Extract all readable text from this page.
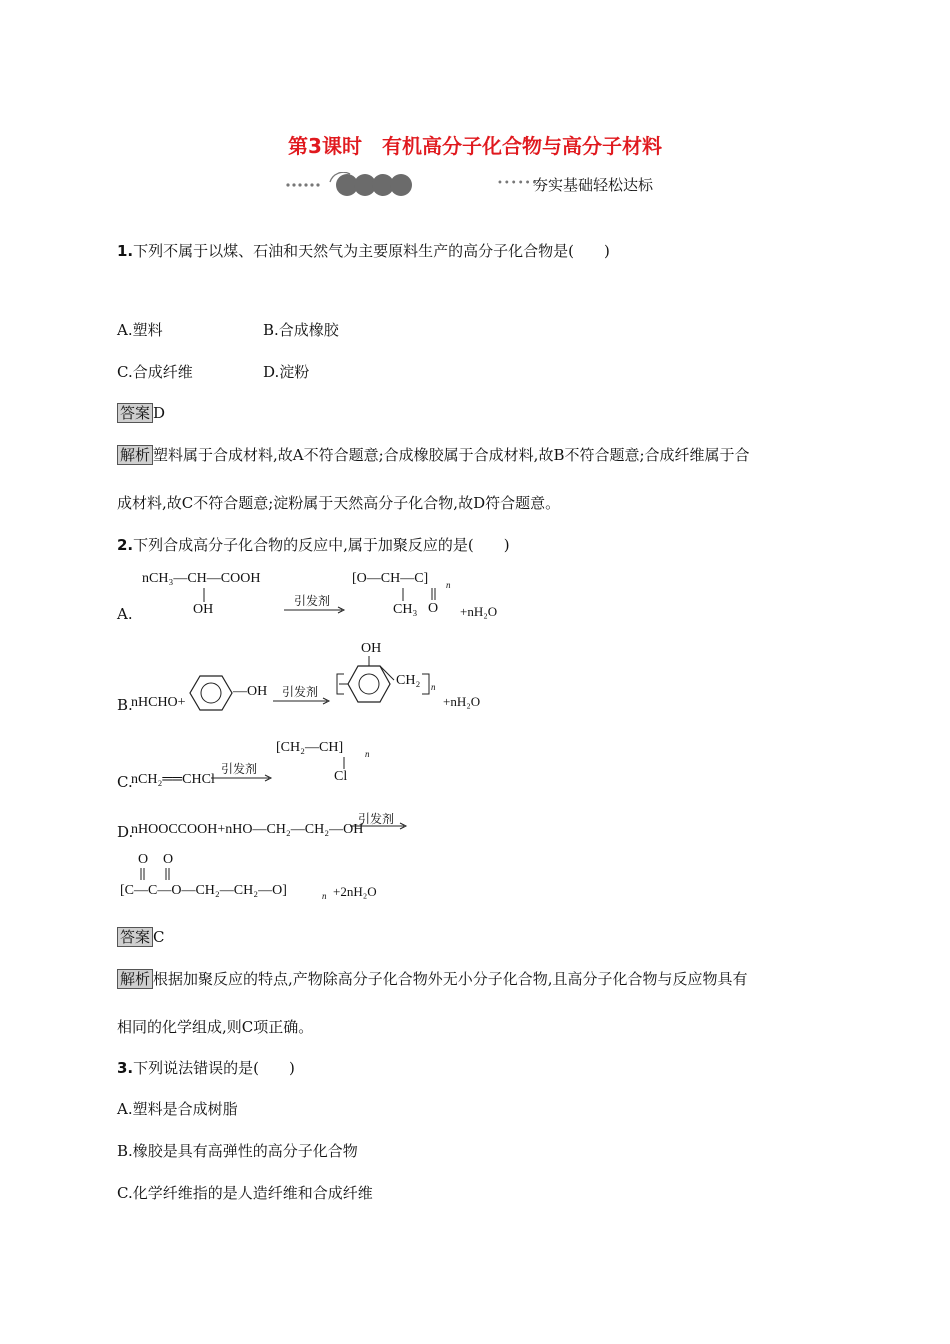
第3课时　有机高分子化合物与高分子材料
••••••
夯实基础轻松达标
1.下列不属于以煤、石油和天然气为主要原料生产的高分子化合物是(　　)
A.塑料	B.合成橡胶
C.合成纤维	D.淀粉
答案 D
解析 塑料属于合成材料,故A不符合题意;合成橡胶属于合成材料,故B不符合题意;合成纤维属于合
成材料,故C不符合题意;淀粉属于天然高分子化合物,故D符合题意。
2.下列合成高分子化合物的反应中,属于加聚反应的是(　　)
A.
nCH₃—CH—COOH
OH
引发剂
[O—CH—C] n
CH₃ O +nH₂O
B.
nHCHO+
—OH 引发剂
OH
CH₂ n
+nH₂O
C.
nCH₂══CHCl
引发剂
[CH₂—CH] n
Cl
D.
nHOOCCOOH+nHO—CH₂—CH₂—OH
引发剂
O O
[C—C—O—CH₂—CH₂—O]	n +2nH₂O
答案 C
解析 根据加聚反应的特点,产物除高分子化合物外无小分子化合物,且高分子化合物与反应物具有
相同的化学组成,则C项正确。
3.下列说法错误的是(　　)
A.塑料是合成树脂
B.橡胶是具有高弹性的高分子化合物
C.化学纤维指的是人造纤维和合成纤维
